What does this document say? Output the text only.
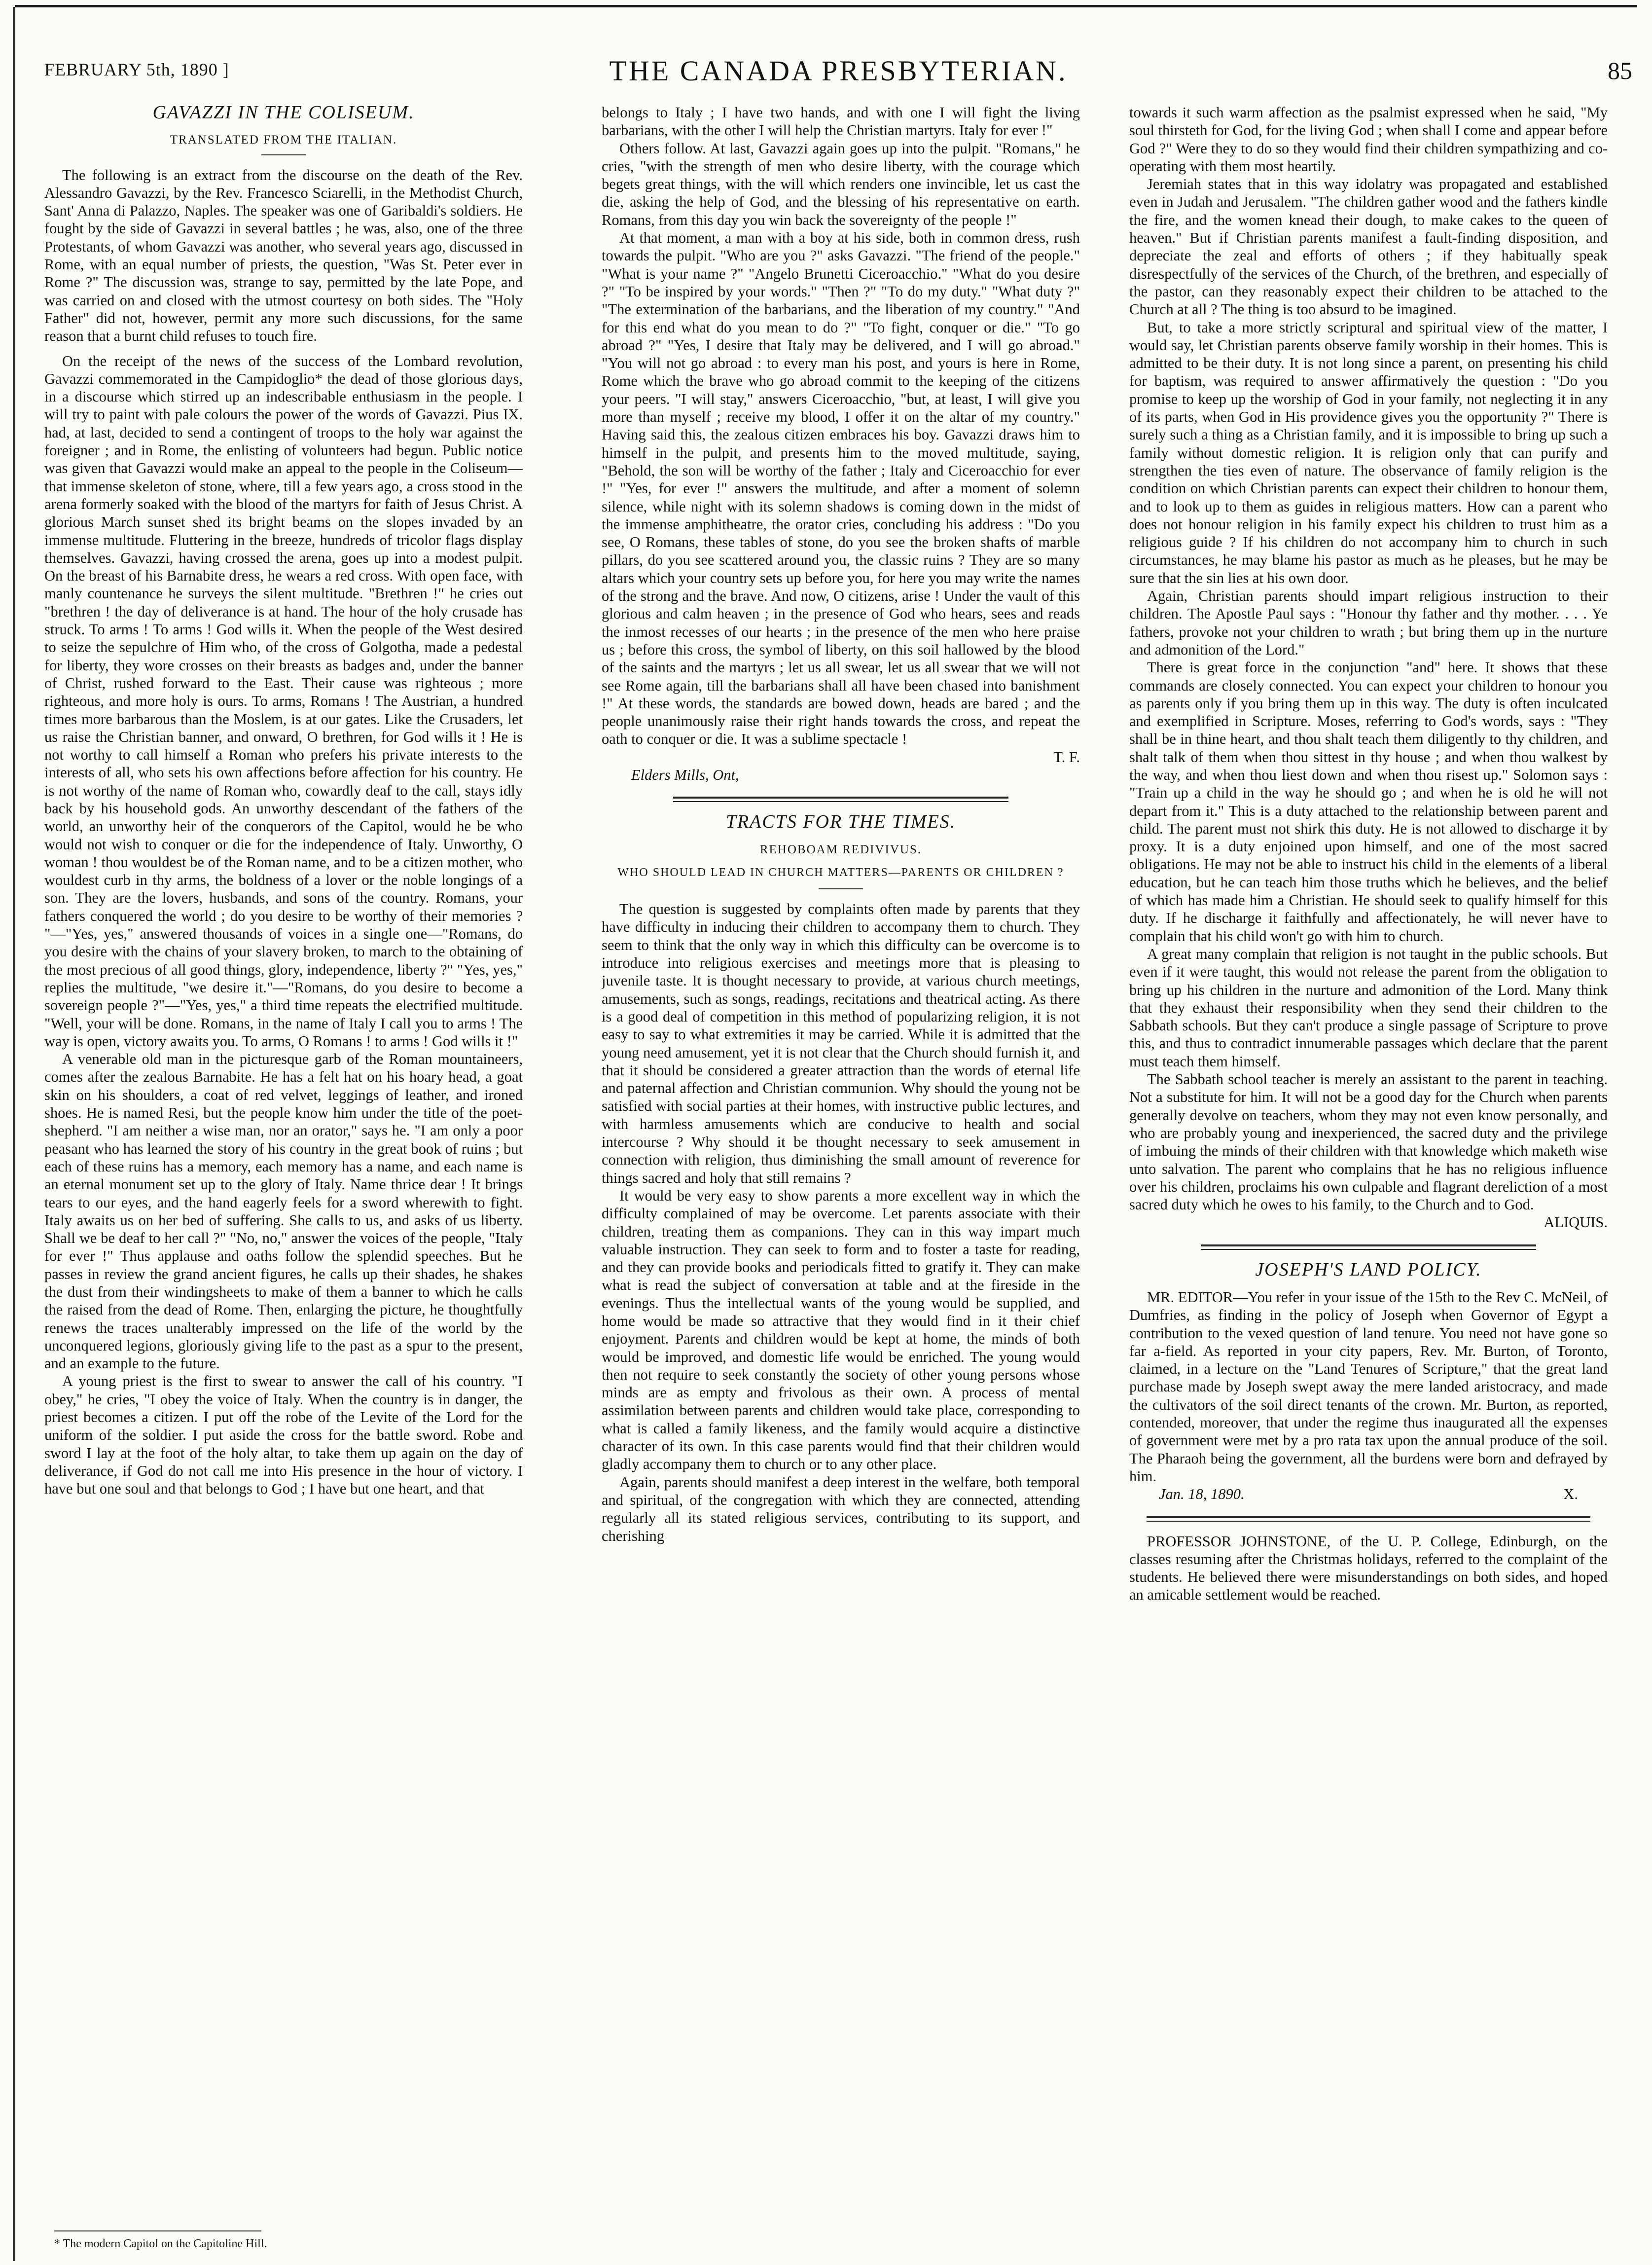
FEBRUARY 5th, 1890 ]	THE CANADA PRESBYTERIAN.	85
GAVAZZI IN THE COLISEUM.
TRANSLATED FROM THE ITALIAN.

The following is an extract from the discourse on the death of the Rev. Alessandro Gavazzi, by the Rev. Francesco Sciarelli, in the Methodist Church, Sant' Anna di Palazzo, Naples. The speaker was one of Garibaldi's soldiers. He fought by the side of Gavazzi in several battles ; he was, also, one of the three Protestants, of whom Gavazzi was another, who several years ago, discussed in Rome, with an equal number of priests, the question, "Was St. Peter ever in Rome ?" The discussion was, strange to say, permitted by the late Pope, and was carried on and closed with the utmost courtesy on both sides. The "Holy Father" did not, however, permit any more such discussions, for the same reason that a burnt child refuses to touch fire.

On the receipt of the news of the success of the Lombard revolution, Gavazzi commemorated in the Campidoglio* the dead of those glorious days, in a discourse which stirred up an indescribable enthusiasm in the people. I will try to paint with pale colours the power of the words of Gavazzi. Pius IX. had, at last, decided to send a contingent of troops to the holy war against the foreigner ; and in Rome, the enlisting of volunteers had begun. Public notice was given that Gavazzi would make an appeal to the people in the Coliseum—that immense skeleton of stone, where, till a few years ago, a cross stood in the arena formerly soaked with the blood of the martyrs for faith of Jesus Christ. A glorious March sunset shed its bright beams on the slopes invaded by an immense multitude. Fluttering in the breeze, hundreds of tricolor flags display themselves. Gavazzi, having crossed the arena, goes up into a modest pulpit. On the breast of his Barnabite dress, he wears a red cross. With open face, with manly countenance he surveys the silent multitude. "Brethren !" he cries out "brethren ! the day of deliverance is at hand. The hour of the holy crusade has struck. To arms ! To arms ! God wills it. When the people of the West desired to seize the sepulchre of Him who, of the cross of Golgotha, made a pedestal for liberty, they wore crosses on their breasts as badges and, under the banner of Christ, rushed forward to the East. Their cause was righteous ; more righteous, and more holy is ours. To arms, Romans ! The Austrian, a hundred times more barbarous than the Moslem, is at our gates. Like the Crusaders, let us raise the Christian banner, and onward, O brethren, for God wills it ! He is not worthy to call himself a Roman who prefers his private interests to the interests of all, who sets his own affections before affection for his country. He is not worthy of the name of Roman who, cowardly deaf to the call, stays idly back by his household gods. An unworthy descendant of the fathers of the world, an unworthy heir of the conquerors of the Capitol, would he be who would not wish to conquer or die for the independence of Italy. Unworthy, O woman ! thou wouldest be of the Roman name, and to be a citizen mother, who wouldest curb in thy arms, the boldness of a lover or the noble longings of a son. They are the lovers, husbands, and sons of the country. Romans, your fathers conquered the world ; do you desire to be worthy of their memories ? "—"Yes, yes," answered thousands of voices in a single one—"Romans, do you desire with the chains of your slavery broken, to march to the obtaining of the most precious of all good things, glory, independence, liberty ?" "Yes, yes," replies the multitude, "we desire it."—"Romans, do you desire to become a sovereign people ?"—"Yes, yes," a third time repeats the electrified multitude. "Well, your will be done. Romans, in the name of Italy I call you to arms ! The way is open, victory awaits you. To arms, O Romans ! to arms ! God wills it !"

A venerable old man in the picturesque garb of the Roman mountaineers, comes after the zealous Barnabite. He has a felt hat on his hoary head, a goat skin on his shoulders, a coat of red velvet, leggings of leather, and ironed shoes. He is named Resi, but the people know him under the title of the poet-shepherd. "I am neither a wise man, nor an orator," says he. "I am only a poor peasant who has learned the story of his country in the great book of ruins ; but each of these ruins has a memory, each memory has a name, and each name is an eternal monument set up to the glory of Italy. Name thrice dear ! It brings tears to our eyes, and the hand eagerly feels for a sword wherewith to fight. Italy awaits us on her bed of suffering. She calls to us, and asks of us liberty. Shall we be deaf to her call ?" "No, no," answer the voices of the people, "Italy for ever !" Thus applause and oaths follow the splendid speeches. But he passes in review the grand ancient figures, he calls up their shades, he shakes the dust from their windingsheets to make of them a banner to which he calls the raised from the dead of Rome. Then, enlarging the picture, he thoughtfully renews the traces unalterably impressed on the life of the world by the unconquered legions, gloriously giving life to the past as a spur to the present, and an example to the future.

A young priest is the first to swear to answer the call of his country. "I obey," he cries, "I obey the voice of Italy. When the country is in danger, the priest becomes a citizen. I put off the robe of the Levite of the Lord for the uniform of the soldier. I put aside the cross for the battle sword. Robe and sword I lay at the foot of the holy altar, to take them up again on the day of deliverance, if God do not call me into His presence in the hour of victory. I have but one soul and that belongs to God ; I have but one heart, and that

belongs to Italy ; I have two hands, and with one I will fight the living barbarians, with the other I will help the Christian martyrs. Italy for ever !"

Others follow. At last, Gavazzi again goes up into the pulpit. "Romans," he cries, "with the strength of men who desire liberty, with the courage which begets great things, with the will which renders one invincible, let us cast the die, asking the help of God, and the blessing of his representative on earth. Romans, from this day you win back the sovereignty of the people !"

At that moment, a man with a boy at his side, both in common dress, rush towards the pulpit. "Who are you ?" asks Gavazzi. "The friend of the people." "What is your name ?" "Angelo Brunetti Ciceroacchio." "What do you desire ?" "To be inspired by your words." "Then ?" "To do my duty." "What duty ?" "The extermination of the barbarians, and the liberation of my country." "And for this end what do you mean to do ?" "To fight, conquer or die." "To go abroad ?" "Yes, I desire that Italy may be delivered, and I will go abroad." "You will not go abroad : to every man his post, and yours is here in Rome, Rome which the brave who go abroad commit to the keeping of the citizens your peers. "I will stay," answers Ciceroacchio, "but, at least, I will give you more than myself ; receive my blood, I offer it on the altar of my country." Having said this, the zealous citizen embraces his boy. Gavazzi draws him to himself in the pulpit, and presents him to the moved multitude, saying, "Behold, the son will be worthy of the father ; Italy and Ciceroacchio for ever !" "Yes, for ever !" answers the multitude, and after a moment of solemn silence, while night with its solemn shadows is coming down in the midst of the immense amphitheatre, the orator cries, concluding his address : "Do you see, O Romans, these tables of stone, do you see the broken shafts of marble pillars, do you see scattered around you, the classic ruins ? They are so many altars which your country sets up before you, for here you may write the names of the strong and the brave. And now, O citizens, arise ! Under the vault of this glorious and calm heaven ; in the presence of God who hears, sees and reads the inmost recesses of our hearts ; in the presence of the men who here praise us ; before this cross, the symbol of liberty, on this soil hallowed by the blood of the saints and the martyrs ; let us all swear, let us all swear that we will not see Rome again, till the barbarians shall all have been chased into banishment !" At these words, the standards are bowed down, heads are bared ; and the people unanimously raise their right hands towards the cross, and repeat the oath to conquer or die. It was a sublime spectacle !

T. F.
Elders Mills, Ont,
TRACTS FOR THE TIMES.
REHOBOAM REDIVIVUS.
WHO SHOULD LEAD IN CHURCH MATTERS—PARENTS OR CHILDREN ?

The question is suggested by complaints often made by parents that they have difficulty in inducing their children to accompany them to church. They seem to think that the only way in which this difficulty can be overcome is to introduce into religious exercises and meetings more that is pleasing to juvenile taste. It is thought necessary to provide, at various church meetings, amusements, such as songs, readings, recitations and theatrical acting. As there is a good deal of competition in this method of popularizing religion, it is not easy to say to what extremities it may be carried. While it is admitted that the young need amusement, yet it is not clear that the Church should furnish it, and that it should be considered a greater attraction than the words of eternal life and paternal affection and Christian communion. Why should the young not be satisfied with social parties at their homes, with instructive public lectures, and with harmless amusements which are conducive to health and social intercourse ? Why should it be thought necessary to seek amusement in connection with religion, thus diminishing the small amount of reverence for things sacred and holy that still remains ?

It would be very easy to show parents a more excellent way in which the difficulty complained of may be overcome. Let parents associate with their children, treating them as companions. They can in this way impart much valuable instruction. They can seek to form and to foster a taste for reading, and they can provide books and periodicals fitted to gratify it. They can make what is read the subject of conversation at table and at the fireside in the evenings. Thus the intellectual wants of the young would be supplied, and home would be made so attractive that they would find in it their chief enjoyment. Parents and children would be kept at home, the minds of both would be improved, and domestic life would be enriched. The young would then not require to seek constantly the society of other young persons whose minds are as empty and frivolous as their own. A process of mental assimilation between parents and children would take place, corresponding to what is called a family likeness, and the family would acquire a distinctive character of its own. In this case parents would find that their children would gladly accompany them to church or to any other place.

Again, parents should manifest a deep interest in the welfare, both temporal and spiritual, of the congregation with which they are connected, attending regularly all its stated religious services, contributing to its support, and cherishing

towards it such warm affection as the psalmist expressed when he said, "My soul thirsteth for God, for the living God ; when shall I come and appear before God ?" Were they to do so they would find their children sympathizing and co-operating with them most heartily.

Jeremiah states that in this way idolatry was propagated and established even in Judah and Jerusalem. "The children gather wood and the fathers kindle the fire, and the women knead their dough, to make cakes to the queen of heaven." But if Christian parents manifest a fault-finding disposition, and depreciate the zeal and efforts of others ; if they habitually speak disrespectfully of the services of the Church, of the brethren, and especially of the pastor, can they reasonably expect their children to be attached to the Church at all ? The thing is too absurd to be imagined.

But, to take a more strictly scriptural and spiritual view of the matter, I would say, let Christian parents observe family worship in their homes. This is admitted to be their duty. It is not long since a parent, on presenting his child for baptism, was required to answer affirmatively the question : "Do you promise to keep up the worship of God in your family, not neglecting it in any of its parts, when God in His providence gives you the opportunity ?" There is surely such a thing as a Christian family, and it is impossible to bring up such a family without domestic religion. It is religion only that can purify and strengthen the ties even of nature. The observance of family religion is the condition on which Christian parents can expect their children to honour them, and to look up to them as guides in religious matters. How can a parent who does not honour religion in his family expect his children to trust him as a religious guide ? If his children do not accompany him to church in such circumstances, he may blame his pastor as much as he pleases, but he may be sure that the sin lies at his own door.

Again, Christian parents should impart religious instruction to their children. The Apostle Paul says : "Honour thy father and thy mother. . . . Ye fathers, provoke not your children to wrath ; but bring them up in the nurture and admonition of the Lord."

There is great force in the conjunction "and" here. It shows that these commands are closely connected. You can expect your children to honour you as parents only if you bring them up in this way. The duty is often inculcated and exemplified in Scripture. Moses, referring to God's words, says : "They shall be in thine heart, and thou shalt teach them diligently to thy children, and shalt talk of them when thou sittest in thy house ; and when thou walkest by the way, and when thou liest down and when thou risest up." Solomon says : "Train up a child in the way he should go ; and when he is old he will not depart from it." This is a duty attached to the relationship between parent and child. The parent must not shirk this duty. He is not allowed to discharge it by proxy. It is a duty enjoined upon himself, and one of the most sacred obligations. He may not be able to instruct his child in the elements of a liberal education, but he can teach him those truths which he believes, and the belief of which has made him a Christian. He should seek to qualify himself for this duty. If he discharge it faithfully and affectionately, he will never have to complain that his child won't go with him to church.

A great many complain that religion is not taught in the public schools. But even if it were taught, this would not release the parent from the obligation to bring up his children in the nurture and admonition of the Lord. Many think that they exhaust their responsibility when they send their children to the Sabbath schools. But they can't produce a single passage of Scripture to prove this, and thus to contradict innumerable passages which declare that the parent must teach them himself.

The Sabbath school teacher is merely an assistant to the parent in teaching. Not a substitute for him. It will not be a good day for the Church when parents generally devolve on teachers, whom they may not even know personally, and who are probably young and inexperienced, the sacred duty and the privilege of imbuing the minds of their children with that knowledge which maketh wise unto salvation. The parent who complains that he has no religious influence over his children, proclaims his own culpable and flagrant dereliction of a most sacred duty which he owes to his family, to the Church and to God.

ALIQUIS.
JOSEPH'S LAND POLICY.

MR. EDITOR—You refer in your issue of the 15th to the Rev C. McNeil, of Dumfries, as finding in the policy of Joseph when Governor of Egypt a contribution to the vexed question of land tenure. You need not have gone so far a-field. As reported in your city papers, Rev. Mr. Burton, of Toronto, claimed, in a lecture on the "Land Tenures of Scripture," that the great land purchase made by Joseph swept away the mere landed aristocracy, and made the cultivators of the soil direct tenants of the crown. Mr. Burton, as reported, contended, moreover, that under the regime thus inaugurated all the expenses of government were met by a pro rata tax upon the annual produce of the soil. The Pharaoh being the government, all the burdens were born and defrayed by him.

Jan. 18, 1890.	X.

PROFESSOR JOHNSTONE, of the U. P. College, Edinburgh, on the classes resuming after the Christmas holidays, referred to the complaint of the students. He believed there were misunderstandings on both sides, and hoped an amicable settlement would be reached.

* The modern Capitol on the Capitoline Hill.
